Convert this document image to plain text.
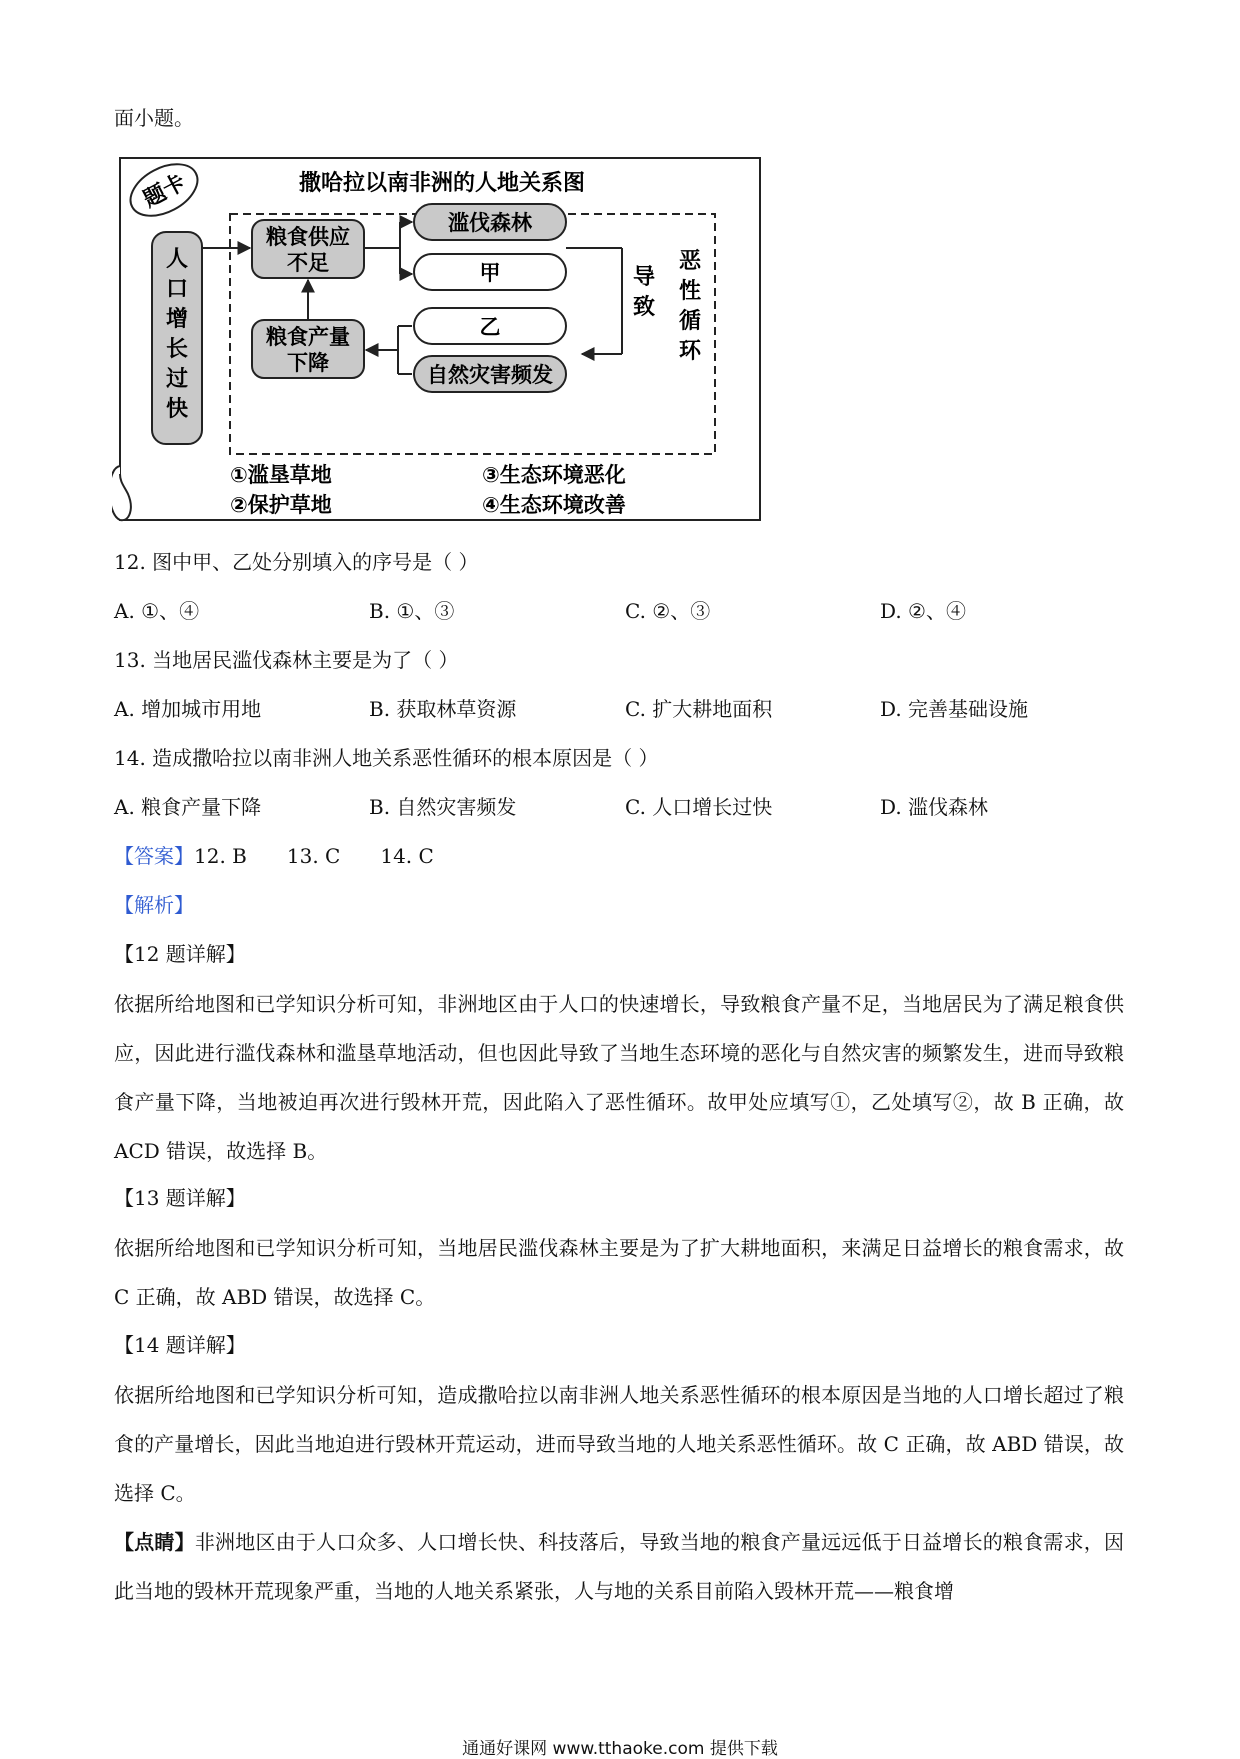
面小题。
题卡	撒哈拉以南非洲的人地关系图
人
口
增
长
过
快
粮食供应
不足
滥伐森林
甲	导
致
恶
性
循
环
乙
自然灾害频发
粮食产量
下降
①滥垦草地
②保护草地
③生态环境恶化
④生态环境改善
12. 图中甲、乙处分别填入的序号是（ ）
A. ①、④	B. ①、③	C. ②、③	D. ②、④
13. 当地居民滥伐森林主要是为了（ ）
A. 增加城市用地	B. 获取林草资源	C. 扩大耕地面积	D. 完善基础设施
14. 造成撒哈拉以南非洲人地关系恶性循环的根本原因是（ ）
A. 粮食产量下降	B. 自然灾害频发	C. 人口增长过快	D. 滥伐森林
【答案】12. B 13. C 14. C
【解析】
【12 题详解】
依据所给地图和已学知识分析可知，非洲地区由于人口的快速增长，导致粮食产量不足，当地居民为了满足粮食供应，因此进行滥伐森林和滥垦草地活动，但也因此导致了当地生态环境的恶化与自然灾害的频繁发生，进而导致粮食产量下降，当地被迫再次进行毁林开荒，因此陷入了恶性循环。故甲处应填写①，乙处填写②，故 B 正确，故 ACD 错误，故选择 B。
【13 题详解】
依据所给地图和已学知识分析可知，当地居民滥伐森林主要是为了扩大耕地面积，来满足日益增长的粮食需求，故 C 正确，故 ABD 错误，故选择 C。
【14 题详解】
依据所给地图和已学知识分析可知，造成撒哈拉以南非洲人地关系恶性循环的根本原因是当地的人口增长超过了粮食的产量增长，因此当地迫进行毁林开荒运动，进而导致当地的人地关系恶性循环。故 C 正确，故 ABD 错误，故选择 C。
【点睛】非洲地区由于人口众多、人口增长快、科技落后，导致当地的粮食产量远远低于日益增长的粮食需求，因此当地的毁林开荒现象严重，当地的人地关系紧张，人与地的关系目前陷入毁林开荒——粮食增
通通好课网 www.tthaoke.com 提供下载
